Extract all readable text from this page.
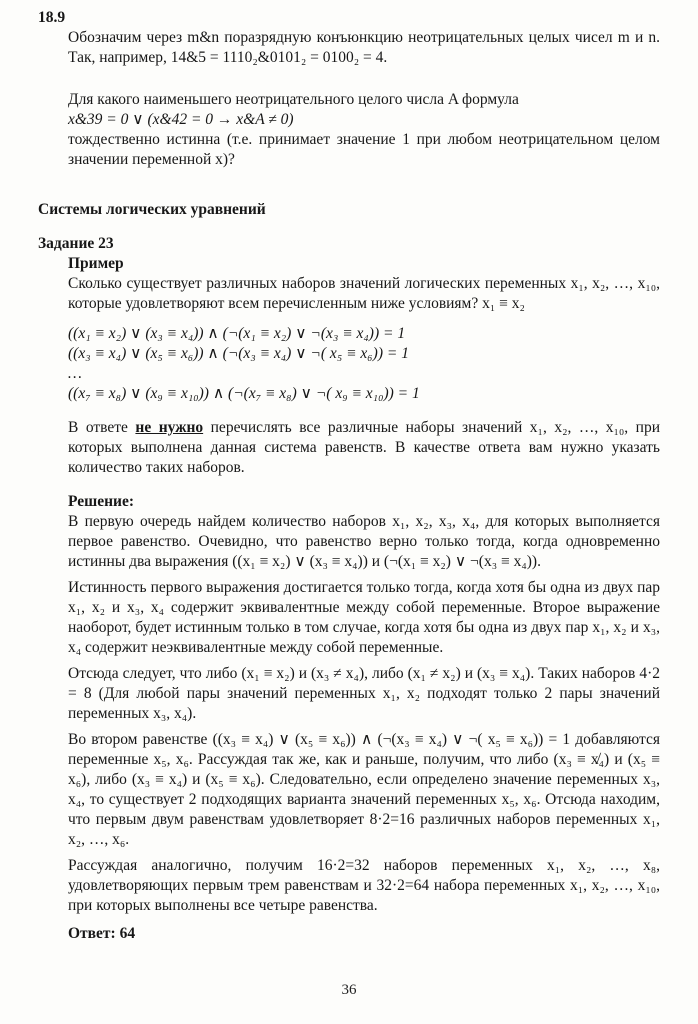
18.9

Обозначим через m&n поразрядную конъюнкцию неотрицательных целых чисел m и n. Так, например, 14&5 = 1110₂&0101₂ = 0100₂ = 4.

Для какого наименьшего неотрицательного целого числа A формула

x&39 = 0 ∨ (x&42 = 0 → x&A ≠ 0)

тождественно истинна (т.е. принимает значение 1 при любом неотрицательном целом значении переменной x)?

Системы логических уравнений
Задание 23
Пример

Сколько существует различных наборов значений логических переменных x₁, x₂, …, x₁₀, которые удовлетворяют всем перечисленным ниже условиям? x₁ ≡ x₂

((x₁ ≡ x₂) ∨ (x₃ ≡ x₄)) ∧ (¬(x₁ ≡ x₂) ∨ ¬(x₃ ≡ x₄)) = 1
((x₃ ≡ x₄) ∨ (x₅ ≡ x₆)) ∧ (¬(x₃ ≡ x₄) ∨ ¬( x₅ ≡ x₆)) = 1
…
((x₇ ≡ x₈) ∨ (x₉ ≡ x₁₀)) ∧ (¬(x₇ ≡ x₈) ∨ ¬( x₉ ≡ x₁₀)) = 1

В ответе не нужно перечислять все различные наборы значений x₁, x₂, …, x₁₀, при которых выполнена данная система равенств. В качестве ответа вам нужно указать количество таких наборов.

Решение:

В первую очередь найдем количество наборов x₁, x₂, x₃, x₄, для которых выполняется первое равенство. Очевидно, что равенство верно только тогда, когда одновременно истинны два выражения ((x₁ ≡ x₂) ∨ (x₃ ≡ x₄)) и (¬(x₁ ≡ x₂) ∨ ¬(x₃ ≡ x₄)).

Истинность первого выражения достигается только тогда, когда хотя бы одна из двух пар x₁, x₂ и x₃, x₄ содержит эквивалентные между собой переменные. Второе выражение наоборот, будет истинным только в том случае, когда хотя бы одна из двух пар x₁, x₂ и x₃, x₄ содержит неэквивалентные между собой переменные.

Отсюда следует, что либо (x₁ ≡ x₂) и (x₃ ≠ x₄), либо (x₁ ≠ x₂) и (x₃ ≡ x₄). Таких наборов 4·2 = 8 (Для любой пары значений переменных x₁, x₂ подходят только 2 пары значений переменных x₃, x₄).

Во втором равенстве ((x₃ ≡ x₄) ∨ (x₅ ≡ x₆)) ∧ (¬(x₃ ≡ x₄) ∨ ¬( x₅ ≡ x₆)) = 1 добавляются переменные x₅, x₆. Рассуждая так же, как и раньше, получим, что либо (x₃ ≡ x̸₄) и (x₅ ≡ x₆), либо (x₃ ≡ x₄) и (x₅ ≡ x₆). Следовательно, если определено значение переменных x₃, x₄, то существует 2 подходящих варианта значений переменных x₅, x₆. Отсюда находим, что первым двум равенствам удовлетворяет 8·2=16 различных наборов переменных x₁, x₂, …, x₆.

Рассуждая аналогично, получим 16·2=32 наборов переменных x₁, x₂, …, x₈, удовлетворяющих первым трем равенствам и 32·2=64 набора переменных x₁, x₂, …, x₁₀, при которых выполнены все четыре равенства.

Ответ: 64

36
